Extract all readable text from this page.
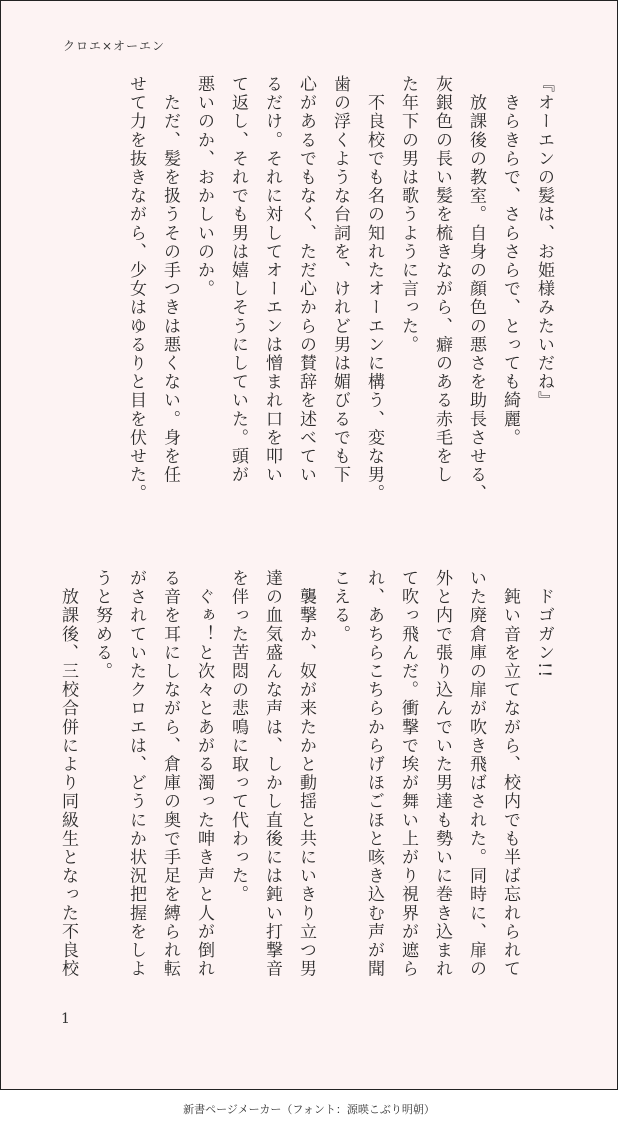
クロエ×オーエン
『オーエンの髪は、お姫様みたいだね』
　きらきらで、さらさらで、とっても綺麗。
　放課後の教室。自身の顔色の悪さを助長させる、
灰銀色の長い髪を梳きながら、癖のある赤毛をし
た年下の男は歌うように言った。
　不良校でも名の知れたオーエンに構う、変な男。
歯の浮くような台詞を、けれど男は媚びるでも下
心があるでもなく、ただ心からの賛辞を述べてい
るだけ。それに対してオーエンは憎まれ口を叩い
て返し、それでも男は嬉しそうにしていた。頭が
悪いのか、おかしいのか。
　ただ、髪を扱うその手つきは悪くない。身を任
せて力を抜きながら、少女はゆるりと目を伏せた。
　ドゴガン!!
　鈍い音を立てながら、校内でも半ば忘れられて
いた廃倉庫の扉が吹き飛ばされた。同時に、扉の
外と内で張り込んでいた男達も勢いに巻き込まれ
て吹っ飛んだ。衝撃で埃が舞い上がり視界が遮ら
れ、あちらこちらからげほごほと咳き込む声が聞
こえる。
　襲撃か、奴が来たかと動揺と共にいきり立つ男
達の血気盛んな声は、しかし直後には鈍い打撃音
を伴った苦悶の悲鳴に取って代わった。
　ぐぁ！と次々とあがる濁った呻き声と人が倒れ
る音を耳にしながら、倉庫の奥で手足を縛られ転
がされていたクロエは、どうにか状況把握をしよ
うと努める。
　放課後、三校合併により同級生となった不良校
1
新書ページメーカー（フォント：源暎こぶり明朝）
